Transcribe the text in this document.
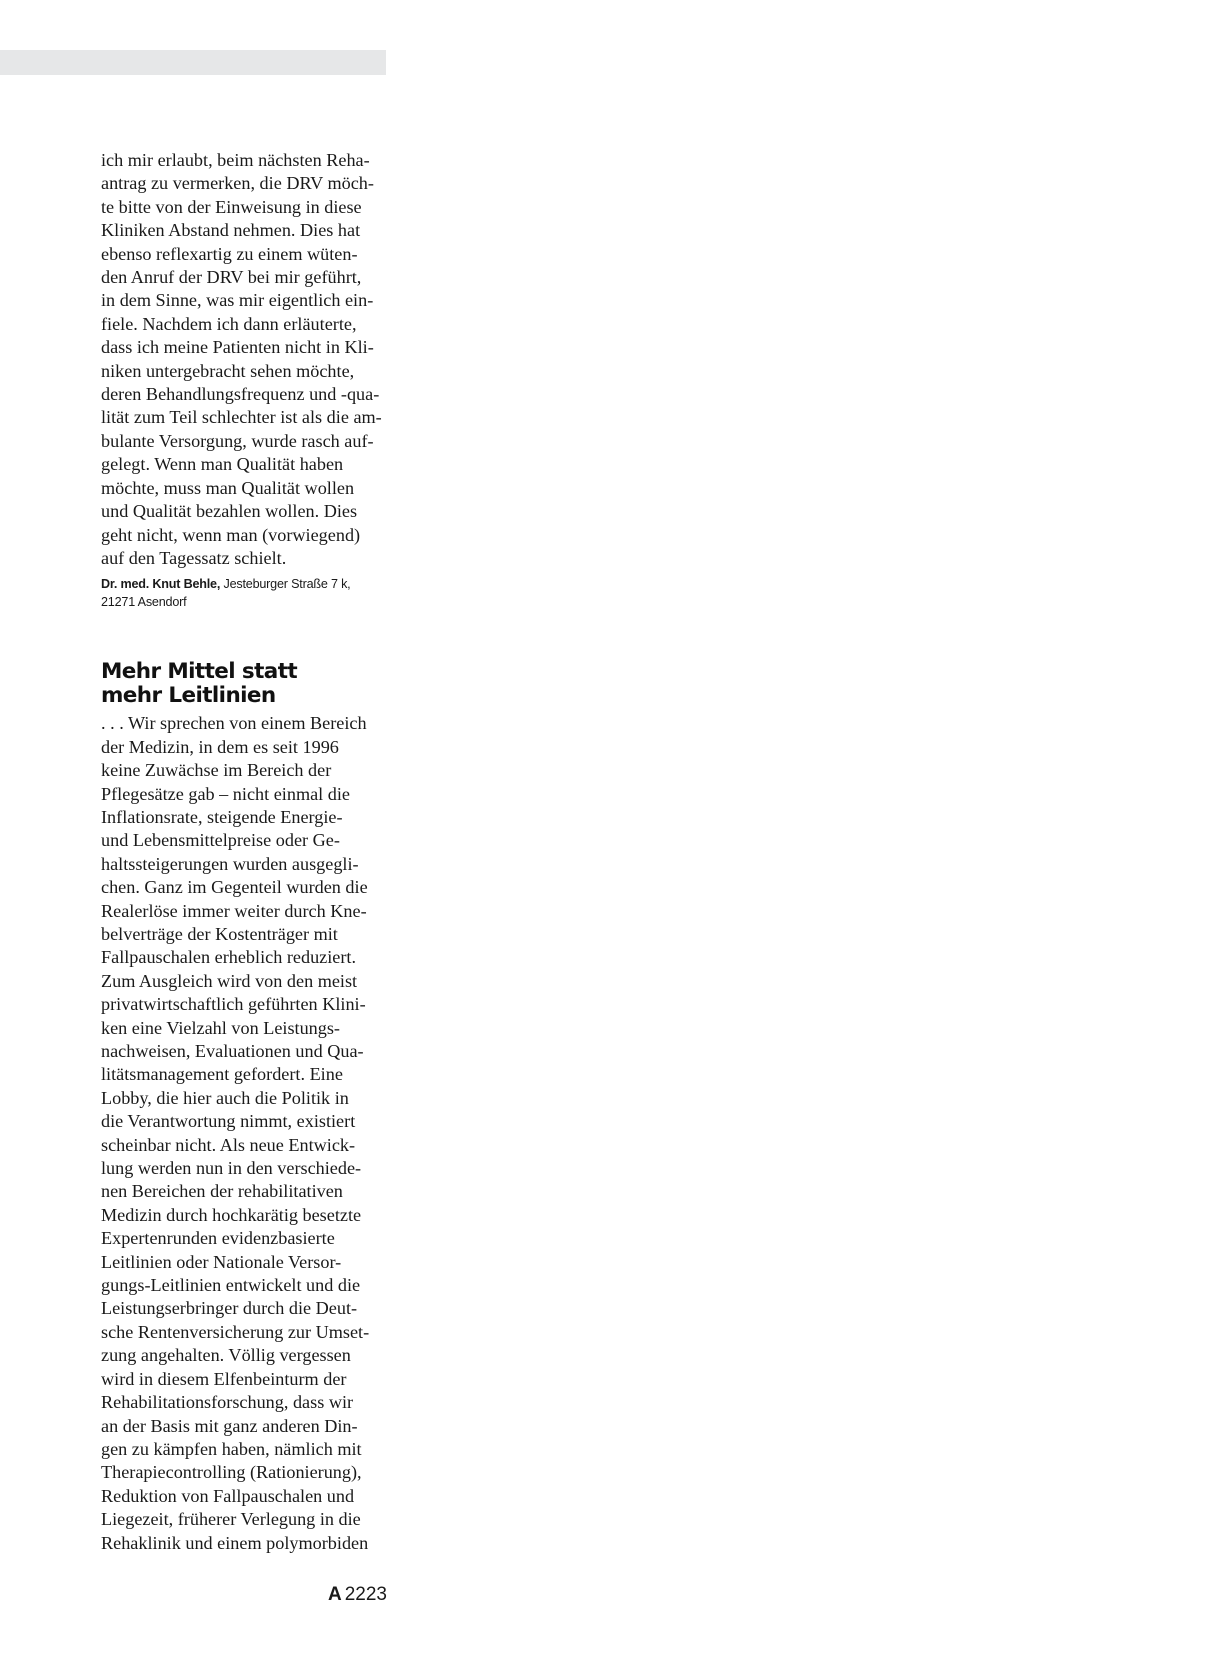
ich mir erlaubt, beim nächsten Reha-
antrag zu vermerken, die DRV möch-
te bitte von der Einweisung in diese
Kliniken Abstand nehmen. Dies hat
ebenso reflexartig zu einem wüten-
den Anruf der DRV bei mir geführt,
in dem Sinne, was mir eigentlich ein-
fiele. Nachdem ich dann erläuterte,
dass ich meine Patienten nicht in Kli-
niken untergebracht sehen möchte,
deren Behandlungsfrequenz und -qua-
lität zum Teil schlechter ist als die am-
bulante Versorgung, wurde rasch auf-
gelegt. Wenn man Qualität haben
möchte, muss man Qualität wollen
und Qualität bezahlen wollen. Dies
geht nicht, wenn man (vorwiegend)
auf den Tagessatz schielt.

Dr. med. Knut Behle, Jesteburger Straße 7 k,
21271 Asendorf

Mehr Mittel statt
mehr Leitlinien

. . . Wir sprechen von einem Bereich
der Medizin, in dem es seit 1996
keine Zuwächse im Bereich der
Pflegesätze gab – nicht einmal die
Inflationsrate, steigende Energie-
und Lebensmittelpreise oder Ge-
haltssteigerungen wurden ausgegli-
chen. Ganz im Gegenteil wurden die
Realerlöse immer weiter durch Kne-
belverträge der Kostenträger mit
Fallpauschalen erheblich reduziert.
Zum Ausgleich wird von den meist
privatwirtschaftlich geführten Klini-
ken eine Vielzahl von Leistungs-
nachweisen, Evaluationen und Qua-
litätsmanagement gefordert. Eine
Lobby, die hier auch die Politik in
die Verantwortung nimmt, existiert
scheinbar nicht. Als neue Entwick-
lung werden nun in den verschiede-
nen Bereichen der rehabilitativen
Medizin durch hochkarätig besetzte
Expertenrunden evidenzbasierte
Leitlinien oder Nationale Versor-
gungs-Leitlinien entwickelt und die
Leistungserbringer durch die Deut-
sche Rentenversicherung zur Umset-
zung angehalten. Völlig vergessen
wird in diesem Elfenbeinturm der
Rehabilitationsforschung, dass wir
an der Basis mit ganz anderen Din-
gen zu kämpfen haben, nämlich mit
Therapiecontrolling (Rationierung),
Reduktion von Fallpauschalen und
Liegezeit, früherer Verlegung in die
Rehaklinik und einem polymorbiden

A 2223
